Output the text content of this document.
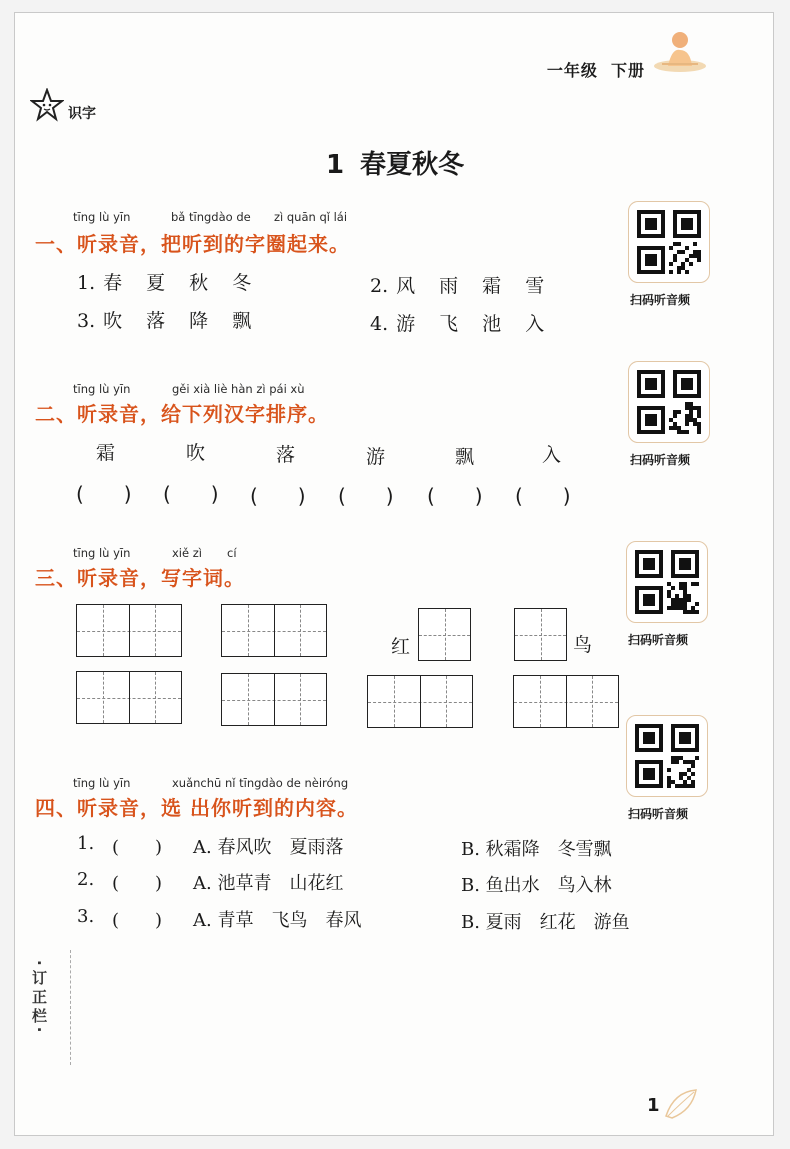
一年级 下册
识字
1 春夏秋冬
tīng lù yīn	bǎ tīngdào de zì quān qǐ lái
一、听录音，把听到的字圈起来。
1. 春 夏 秋 冬	2. 风 雨 霜 雪
3. 吹 落 降 飘	4. 游 飞 池 入
扫码听音频
扫码听音频
扫码听音频
扫码听音频
tīng lù yīn	gěi xià liè hàn zì pái xù
二、听录音，给下列汉字排序。
霜	吹	落	游	飘	入
(　　) (　　) (　　) (　　) (　　) (　　)
tīng lù yīn	xiě zì cí
三、听录音，写字词。
红	鸟
tīng lù yīn	xuǎnchū nǐ tīngdào de nèiróng
四、听录音，选 出你听到的内容。
1. (　　) A. 春风吹　夏雨落	B. 秋霜降　冬雪飘
2. (　　) A. 池草青　山花红	B. 鱼出水　鸟入林
3. (　　) A. 青草　飞鸟　春风	B. 夏雨　红花　游鱼
·订正栏·
1
